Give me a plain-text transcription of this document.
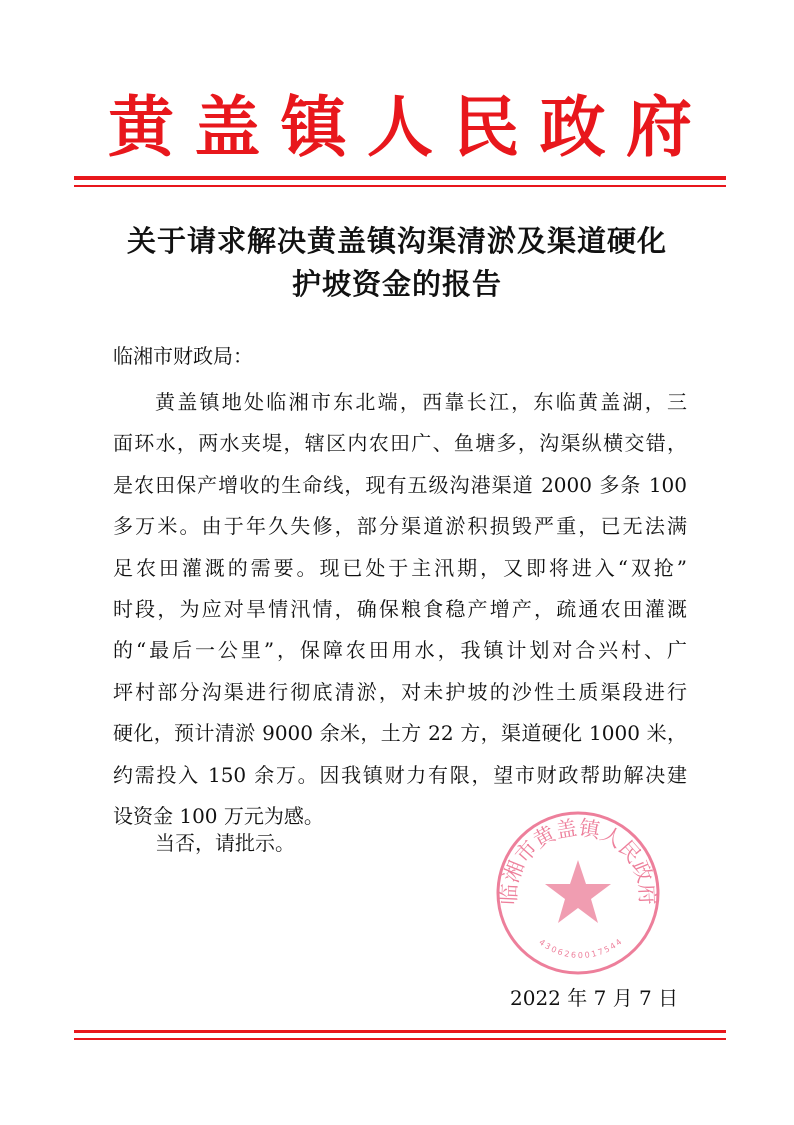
黄 盖 镇 人 民 政 府
关于请求解决黄盖镇沟渠清淤及渠道硬化
护坡资金的报告
临湘市财政局：
黄盖镇地处临湘市东北端，西靠长江，东临黄盖湖，三
面环水，两水夹堤，辖区内农田广、鱼塘多，沟渠纵横交错，
是农田保产增收的生命线，现有五级沟港渠道 2000 多条 100
多万米。由于年久失修，部分渠道淤积损毁严重，已无法满
足农田灌溉的需要。现已处于主汛期，又即将进入“双抢”
时段，为应对旱情汛情，确保粮食稳产增产，疏通农田灌溉
的“最后一公里”，保障农田用水，我镇计划对合兴村、广
坪村部分沟渠进行彻底清淤，对未护坡的沙性土质渠段进行
硬化，预计清淤 9000 余米，土方 22 方，渠道硬化 1000 米，
约需投入 150 余万。因我镇财力有限，望市财政帮助解决建
设资金 100 万元为感。
当否，请批示。
临湘市黄盖镇人民政府
4306260017544
2022 年 7 月 7 日
